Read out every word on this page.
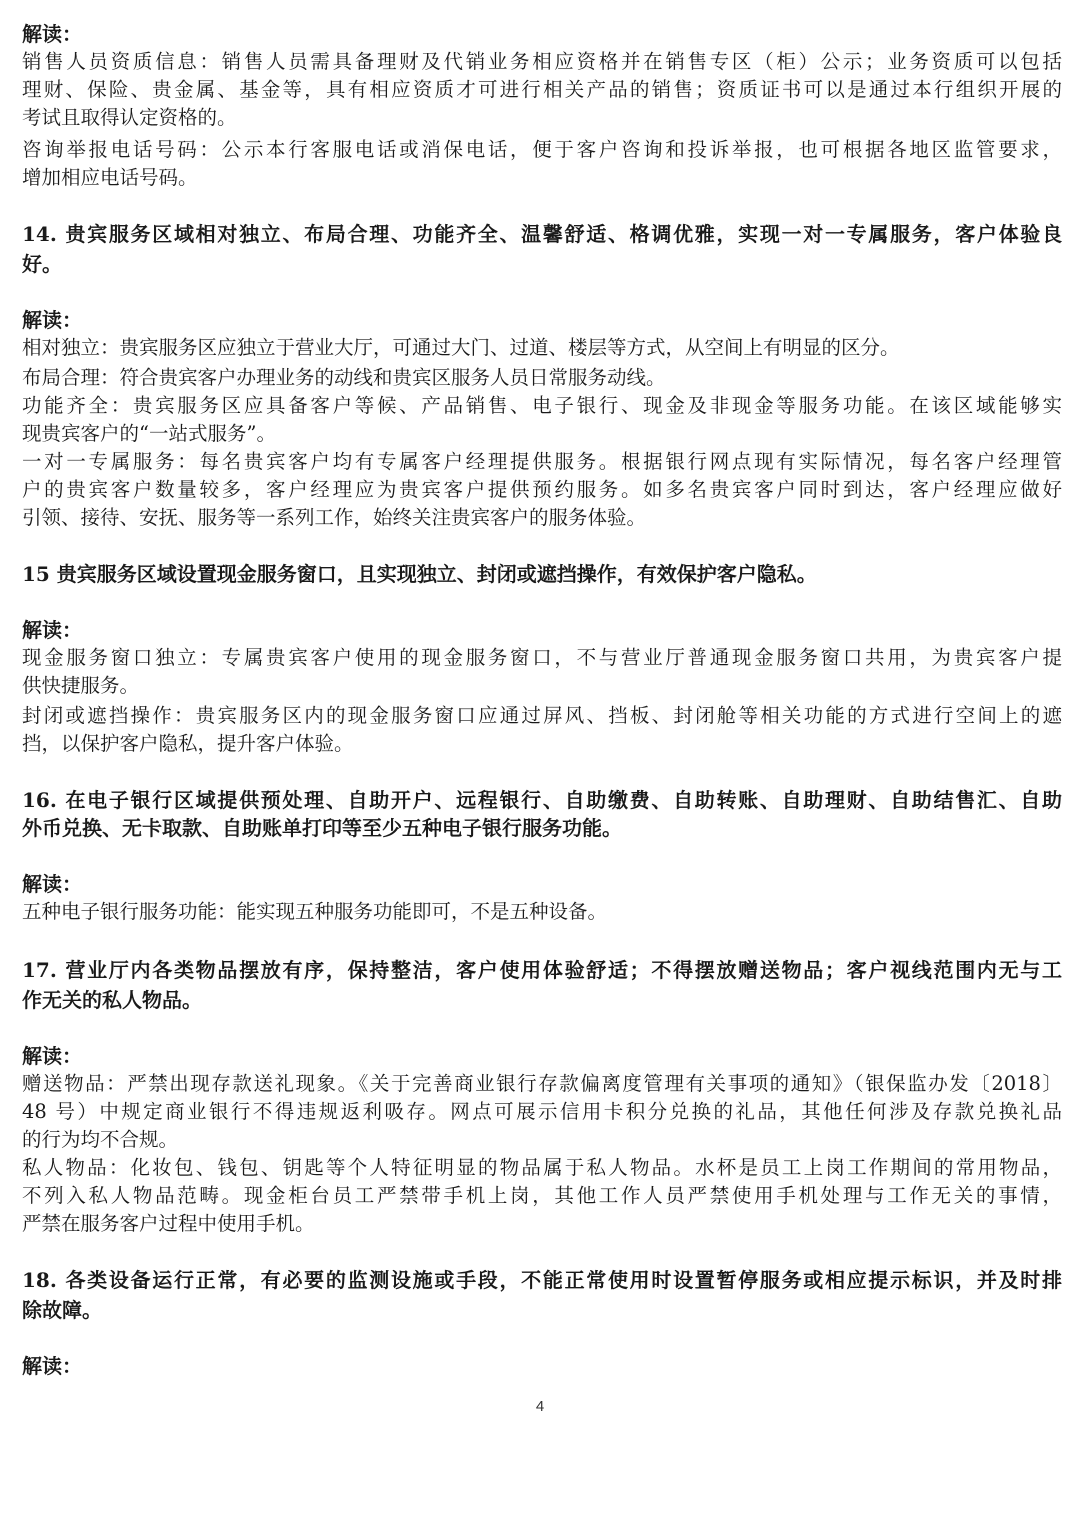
解读：
销售人员资质信息：销售人员需具备理财及代销业务相应资格并在销售专区（柜）公示；业务资质可以包括
理财、保险、贵金属、基金等，具有相应资质才可进行相关产品的销售；资质证书可以是通过本行组织开展的
考试且取得认定资格的。
咨询举报电话号码：公示本行客服电话或消保电话，便于客户咨询和投诉举报，也可根据各地区监管要求，
增加相应电话号码。
14. 贵宾服务区域相对独立、布局合理、功能齐全、温馨舒适、格调优雅，实现一对一专属服务，客户体验良
好。
解读：
相对独立：贵宾服务区应独立于营业大厅，可通过大门、过道、楼层等方式，从空间上有明显的区分。
布局合理：符合贵宾客户办理业务的动线和贵宾区服务人员日常服务动线。
功能齐全：贵宾服务区应具备客户等候、产品销售、电子银行、现金及非现金等服务功能。在该区域能够实
现贵宾客户的“一站式服务”。
一对一专属服务：每名贵宾客户均有专属客户经理提供服务。根据银行网点现有实际情况，每名客户经理管
户的贵宾客户数量较多，客户经理应为贵宾客户提供预约服务。如多名贵宾客户同时到达，客户经理应做好
引领、接待、安抚、服务等一系列工作，始终关注贵宾客户的服务体验。
15 贵宾服务区域设置现金服务窗口，且实现独立、封闭或遮挡操作，有效保护客户隐私。
解读：
现金服务窗口独立：专属贵宾客户使用的现金服务窗口，不与营业厅普通现金服务窗口共用，为贵宾客户提
供快捷服务。
封闭或遮挡操作：贵宾服务区内的现金服务窗口应通过屏风、挡板、封闭舱等相关功能的方式进行空间上的遮
挡，以保护客户隐私，提升客户体验。
16. 在电子银行区域提供预处理、自助开户、远程银行、自助缴费、自助转账、自助理财、自助结售汇、自助
外币兑换、无卡取款、自助账单打印等至少五种电子银行服务功能。
解读：
五种电子银行服务功能：能实现五种服务功能即可，不是五种设备。
17. 营业厅内各类物品摆放有序，保持整洁，客户使用体验舒适；不得摆放赠送物品；客户视线范围内无与工
作无关的私人物品。
解读：
赠送物品：严禁出现存款送礼现象。《关于完善商业银行存款偏离度管理有关事项的通知》（银保监办发〔2018〕
48 号）中规定商业银行不得违规返利吸存。网点可展示信用卡积分兑换的礼品，其他任何涉及存款兑换礼品
的行为均不合规。
私人物品：化妆包、钱包、钥匙等个人特征明显的物品属于私人物品。水杯是员工上岗工作期间的常用物品，
不列入私人物品范畴。现金柜台员工严禁带手机上岗，其他工作人员严禁使用手机处理与工作无关的事情，
严禁在服务客户过程中使用手机。
18. 各类设备运行正常，有必要的监测设施或手段，不能正常使用时设置暂停服务或相应提示标识，并及时排
除故障。
解读：
4
